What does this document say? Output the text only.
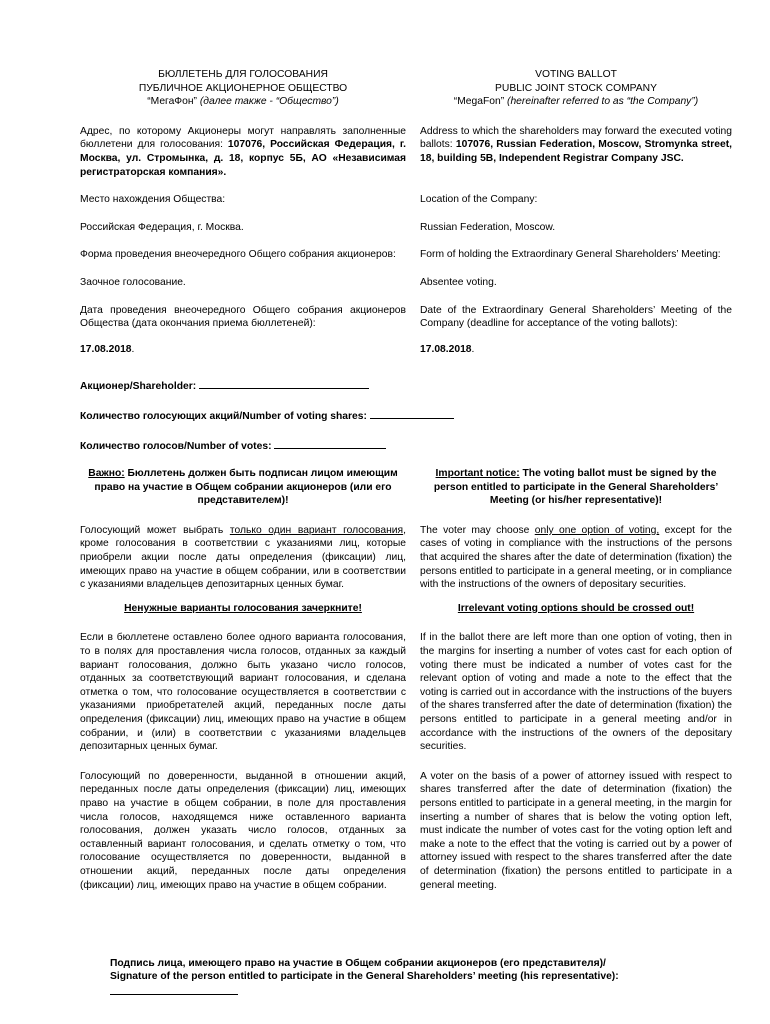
БЮЛЛЕТЕНЬ ДЛЯ ГОЛОСОВАНИЯ
ПУБЛИЧНОЕ АКЦИОНЕРНОЕ ОБЩЕСТВО
“МегаФон” (далее также - “Общество”)
VOTING BALLOT
PUBLIC JOINT STOCK COMPANY
“MegaFon” (hereinafter referred to as “the Company”)
Адрес, по которому Акционеры могут направлять заполненные бюллетени для голосования: 107076, Российская Федерация, г. Москва, ул. Стромынка, д. 18, корпус 5Б, АО «Независимая регистраторская компания».
Address to which the shareholders may forward the executed voting ballots: 107076, Russian Federation, Moscow, Stromynka street, 18, building 5B, Independent Registrar Company JSC.
Место нахождения Общества:	Location of the Company:
Российская Федерация, г. Москва.	Russian Federation, Moscow.
Форма проведения внеочередного Общего собрания акционеров:	Form of holding the Extraordinary General Shareholders’ Meeting:
Заочное голосование.	Absentee voting.
Дата проведения внеочередного Общего собрания акционеров Общества (дата окончания приема бюллетеней):
Date of the Extraordinary General Shareholders’ Meeting of the Company (deadline for acceptance of the voting ballots):
17.08.2018.	17.08.2018.
Акционер/Shareholder:
Количество голосующих акций/Number of voting shares:
Количество голосов/Number of votes:
Важно: Бюллетень должен быть подписан лицом имеющим право на участие в Общем собрании акционеров (или его представителем)!
Important notice: The voting ballot must be signed by the person entitled to participate in the General Shareholders’ Meeting (or his/her representative)!
Голосующий может выбрать только один вариант голосования, кроме голосования в соответствии с указаниями лиц, которые приобрели акции после даты определения (фиксации) лиц, имеющих право на участие в общем собрании, или в соответствии с указаниями владельцев депозитарных ценных бумаг.
The voter may choose only one option of voting, except for the cases of voting in compliance with the instructions of the persons that acquired the shares after the date of determination (fixation) the persons entitled to participate in a general meeting, or in compliance with the instructions of the owners of depositary securities.
Ненужные варианты голосования зачеркните!	Irrelevant voting options should be crossed out!
Если в бюллетене оставлено более одного варианта голосования, то в полях для проставления числа голосов, отданных за каждый вариант голосования, должно быть указано число голосов, отданных за соответствующий вариант голосования, и сделана отметка о том, что голосование осуществляется в соответствии с указаниями приобретателей акций, переданных после даты определения (фиксации) лиц, имеющих право на участие в общем собрании, и (или) в соответствии с указаниями владельцев депозитарных ценных бумаг.
If in the ballot there are left more than one option of voting, then in the margins for inserting a number of votes cast for each option of voting there must be indicated a number of votes cast for the relevant option of voting and made a note to the effect that the voting is carried out in accordance with the instructions of the buyers of the shares transferred after the date of determination (fixation) the persons entitled to participate in a general meeting and/or in accordance with the instructions of the owners of the depositary securities.
Голосующий по доверенности, выданной в отношении акций, переданных после даты определения (фиксации) лиц, имеющих право на участие в общем собрании, в поле для проставления числа голосов, находящемся ниже оставленного варианта голосования, должен указать число голосов, отданных за оставленный вариант голосования, и сделать отметку о том, что голосование осуществляется по доверенности, выданной в отношении акций, переданных после даты определения (фиксации) лиц, имеющих право на участие в общем собрании.
A voter on the basis of a power of attorney issued with respect to shares transferred after the date of determination (fixation) the persons entitled to participate in a general meeting, in the margin for inserting a number of shares that is below the voting option left, must indicate the number of votes cast for the voting option left and make a note to the effect that the voting is carried out by a power of attorney issued with respect to the shares transferred after the date of determination (fixation) the persons entitled to participate in a general meeting.
Подпись лица, имеющего право на участие в Общем собрании акционеров (его представителя)/
Signature of the person entitled to participate in the General Shareholders’ meeting (his representative):
